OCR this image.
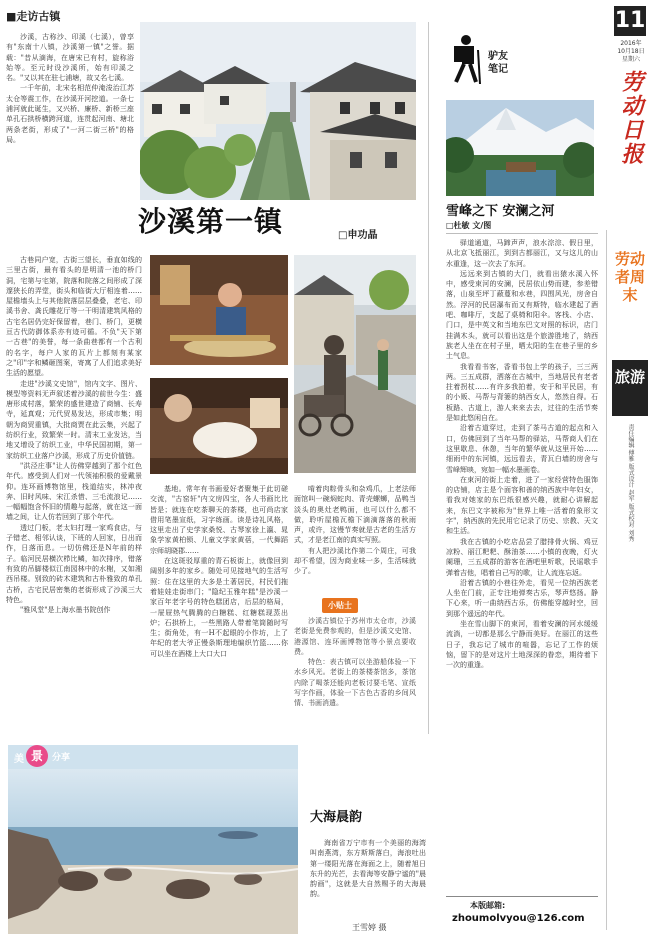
■走访古镇

沙溪，古称沙、印溪（七溪），曾享有"东南十八镇，沙溪第一镇"之誉。据载："昔从滴海，在唐宋已有村，旋称浴始等。至元时设沙溪所，始有印溪之名。"又以其在驻七浦塘，故又名七溪。

一千年前，北宋名相范仲淹浚治江苏太仓等震工作，在沙溪开河挖道。一条七浦河就此诞生，又兴桥、廉桥、新桥三座单孔石拱桥横跨河道，连贯起河南、塘北两条老街，形成了"一河二街三桥"的格局。

沙溪第一镇	□申功晶

古巷同户宽，古街三望长，垂直如线的三里古街，最有看头的是明清一池的桥门洞，宅第与宅第，院落和院落之间形成了深邃狭长的弄堂，街头和临街大厅相连着……屋檐墙头上与其他院落层层叠叠，老宅、印溪书舍、龚氏雕花厅等一干明清建筑风格的古宅名居仍完好保留着，巷门、桥门，更横亘古代防御体系亦有迹可循。不负"天下第一古巷"的美誉，每一条曲巷都有一个古利的名字，每户人家的瓦片上都刻有某家之"印"字和鳞砸图案，寄寓了人们追求美好生活的愿望。

走进"沙溪文史馆"，馆内文字、图片、模型等资料无声叙述着沙溪的前世今生：盛唐形成村落，繁荣的盛世建造了商铺、长寿寺，延真观；元代贸易发达，形成市集；明朝为商贸重镇，大批商贾在此云集，兴起了纺织行业，致繁荣一时。清末工业发达，当地又增设了纺织工业，中华民国初期，第一家纺织工业落户沙溪，形成了历史价值链。

"洪泾庄事"让人彷佛穿越到了那个红色年代。感受到人们对一代领袖积极的爱戴景仰。连环画博物馆里，栈道结实，林冲夜奔、旧时风味、宋江杀惜、三毛流浪记……一幅幅饱含怀旧的情趣与起落，就在这一面墙之间，让人仿若回到了那个年代。

透过门板，老太妇打理一家鸡食店，与子错老、相邻认谈，下班的人回家，日出而作，日落而息。一切仿佛还是N年前的样子。临河民居横次栉比鳞，如次排序，错落有致的吊脚楼似江南园林中的水榭，又如湘西吊楼。别致的砖木建筑和古朴雅致的单孔古桥，古宅民居密集的老街形成了沙溪三大特色。

"雅风堂"是上海水墨书院创作

基地。常年有书画爱好者聚集于此切磋交流，"古窑轩"内文房四宝，各人书画比比皆是；就连在吃茶聊天的茶楼，也可尚店家借用笔墨宣纸，习字练画。读是诗礼风格，这里走出了史学家桑悦、古琴家徐上瀛、晁象学家黄柏锁、儿童文学家黄蓓，一代舞蹈宗师胡晓郡……

在这斑驳厚重的青石板街上，就像回到阔别多年的家乡。随处可见接地气的生活写照：住在这里的大多是土著居民，村民们拖着娃娃走街串门；"隐纪玉雅年糕"是沙溪一家百年老字号的特色糕团店，后层的格局，一屉屉热气腾腾的白糖糕、红糖糕现蒸出炉；石拱桥上，一些黑路人带着笔筒随时写生；街角处，有一H不起眼的小作坊，上了年纪的老大爷正慢条斯理地编织竹篮……你可以坐在酒楼上大口大口

啃着肉粽骨头和杂鸡爪，上老法师面馆叫一碗焖蛇肉、青壳螺蛳，品鸭当淡头的奥灶老鸭面，也可以什么都不做，聆听屋檐瓦檐下滴滴落落的秋雨声，或许，这慢节奏就是古老的生活方式，才是老江南的真实写照。

有人把沙溪比作第二个周庄，可我却不希望，因为商业味一多，生活味就少了。

小贴士

沙溪古镇位于苏州市太仓市，沙溪老街是免费参观的，但是沙溪文史馆、港源馆、连环画博物馆等小景点要收费。

特色：表古镇可以坐游船体验一下水乡风光。老街上的茶楼茶馆多，茶馆内除了喝茶还能向老板讨要毛笔、宣纸写字作画，体验一下古色古香的乡间风情、书画消遣。

11
2016年
10月18日
星期六
劳动日报
驴友
笔记
雪峰之下 安澜之河
□杜敏 文/图

驿道通道，马蹄声声，浪水淙淙、假日里，从北京飞抵丽江，到到古都丽江，又与这儿的山水重逢，这一次去了东河。

远远来到古镇的大门，就看出猿水溪入怀中，感受束河的安澜，民居依山势而建，参差错落，山泉至坪丁蔽蔓和水巷，四围风光，房舍自然。浮河的民居瀑布而又有斯特，临水建起了酒吧、咖啡厅，支起了桌椅和阳伞。客栈、小店、门口，是中英文和当地东巴文对照的标识，店门挂满木头，就可以看出这是个旅游胜地了，纳西族老人坐在在村子里，晒太阳的生在巷子里的乡土气息。

我看看书客，香看书包上学的孩子，三三两两。三五成群，洒落在古城中，当地居民有老者拄着拐杖……有许多我拍着，安于和平民居，有的小贩、马帮与背篓的纳西女人，悠然自得。石板路、古道上，游人来来去去，过往的生活节奏是如此悠闲自在。

沿着古道穿过，走到了茶马古道的起点和入口，仿佛回到了当年马帮的驿站，马帮商人们在这里歇息、休憩，当年的繁华就从这里开始……细雨中的东河镇，远远看去，青瓦白墙的房舍与雪峰辉映，宛如一幅水墨画卷。

在束河的街上走着，进了一家经营特色服饰的店铺，店主是个面容和善的纳西族中年妇女，看我对她家的东巴纸很感兴趣，就耐心讲解起来，东巴文字被称为"世界上唯一活着的象形文字"，纳西族的先民用它记录了历史、宗教、天文和生活。

我在古镇的小吃店品尝了腊排骨火锅、鸡豆凉粉、丽江粑粑、酥油茶……小镇的夜晚，灯火阑珊，三五成群的游客在酒吧里听歌，民谣歌手弹着吉他，唱着自己写的歌，让人流连忘返。

沿着古镇的小巷往外走，看见一位纳西族老人坐在门前，正专注地弹奏古乐，琴声悠扬。静下心来，听一曲纳西古乐，仿佛能穿越时空，回到那个遥远的年代。

坐在雪山脚下的束河，看着安澜的河水缓缓流淌，一切都是那么宁静而美好。在丽江的这些日子，我忘记了城市的喧嚣，忘记了工作的烦恼，留下的是对这片土地深深的眷恋，期待着下一次的重逢。

本版邮箱:
zhoumolvyou@126.com
劳动者周末
旅游
责任编辑 傅雅 版式设计 赵军 版式校对 刘秀
美 景	分享
大海晨韵

海南省万宁市有一个美丽的海湾叫南燕湾，东方斯斯落白，海浪吐出第一缕阳光落在海面之上，随着旭日东升的光芒，去看海等安静宁谧的"晨韵画"，这就是大自然赐予的大海晨韵。

王雪婷 摄
